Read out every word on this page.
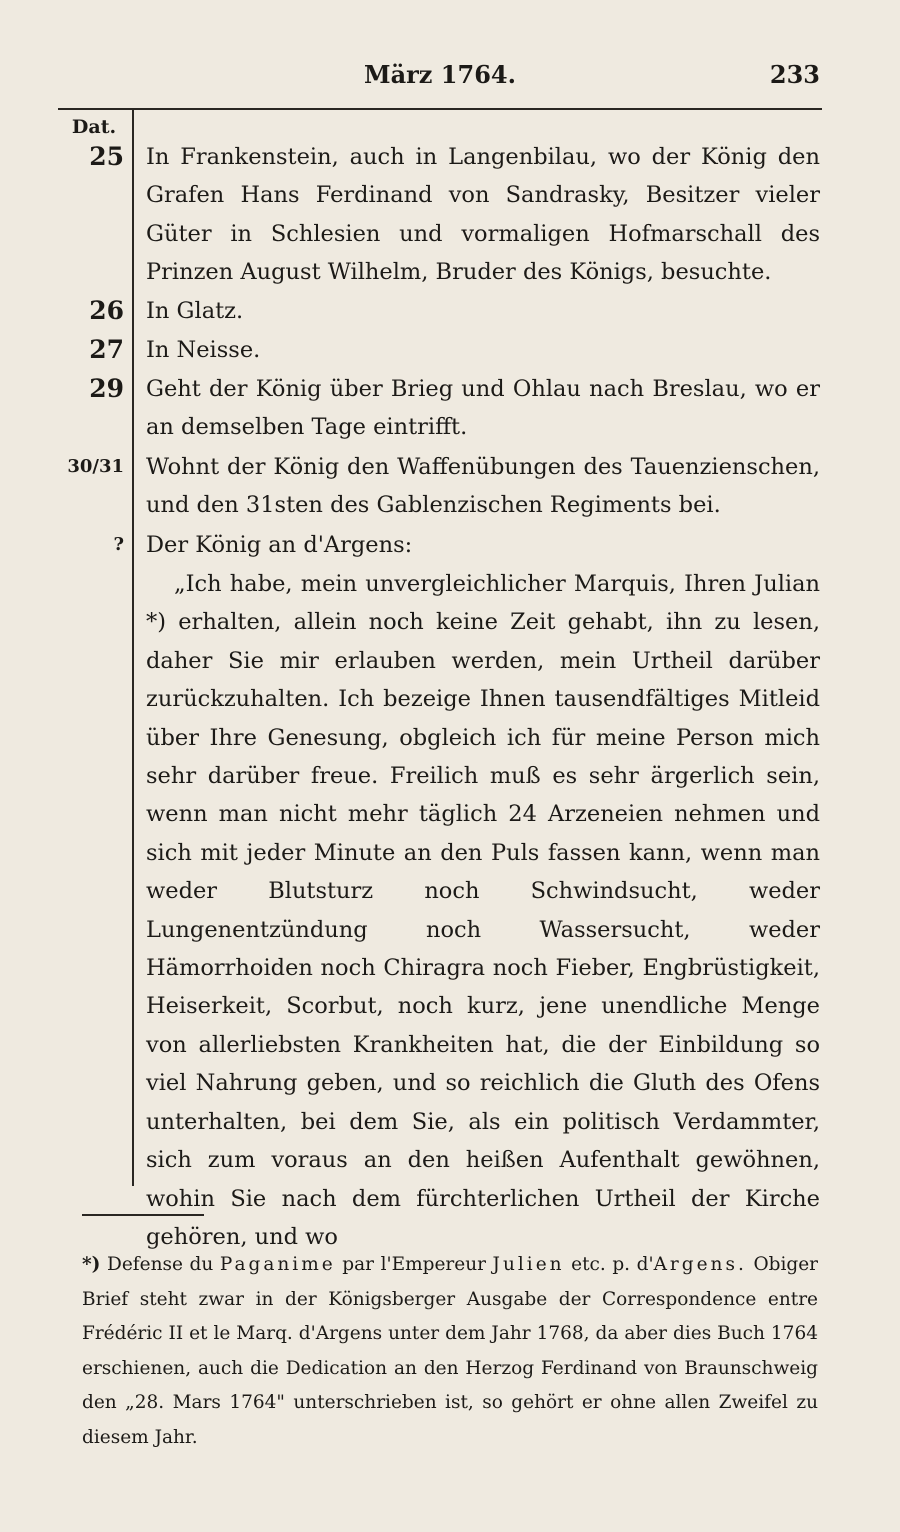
März 1764.	233
Dat.
25 In Frankenstein, auch in Langenbilau, wo der König den Grafen Hans Ferdinand von Sandrasky, Besitzer vieler Güter in Schlesien und vormaligen Hofmarschall des Prinzen August Wilhelm, Bruder des Königs, besuchte.
26 In Glatz.
27 In Neisse.
29 Geht der König über Brieg und Ohlau nach Breslau, wo er an demselben Tage eintrifft.
30/31 Wohnt der König den Waffenübungen des Tauenzienschen, und den 31sten des Gablenzischen Regiments bei.
? Der König an d'Argens:
„Ich habe, mein unvergleichlicher Marquis, Ihren Julian *) erhalten, allein noch keine Zeit gehabt, ihn zu lesen, daher Sie mir erlauben werden, mein Urtheil darüber zurückzuhalten. Ich bezeige Ihnen tausendfältiges Mitleid über Ihre Genesung, obgleich ich für meine Person mich sehr darüber freue. Freilich muß es sehr ärgerlich sein, wenn man nicht mehr täglich 24 Arzeneien nehmen und sich mit jeder Minute an den Puls fassen kann, wenn man weder Blutsturz noch Schwindsucht, weder Lungenentzündung noch Wassersucht, weder Hämorrhoiden noch Chiragra noch Fieber, Engbrüstigkeit, Heiserkeit, Scorbut, noch kurz, jene unendliche Menge von allerliebsten Krankheiten hat, die der Einbildung so viel Nahrung geben, und so reichlich die Gluth des Ofens unterhalten, bei dem Sie, als ein politisch Verdammter, sich zum voraus an den heißen Aufenthalt gewöhnen, wohin Sie nach dem fürchterlichen Urtheil der Kirche gehören, und wo
*) Defense du Paganime par l'Empereur Julien etc. p. d'Argens. Obiger Brief steht zwar in der Königsberger Ausgabe der Correspondence entre Frédéric II et le Marq. d'Argens unter dem Jahr 1768, da aber dies Buch 1764 erschienen, auch die Dedication an den Herzog Ferdinand von Braunschweig den „28. Mars 1764" unterschrieben ist, so gehört er ohne allen Zweifel zu diesem Jahr.
